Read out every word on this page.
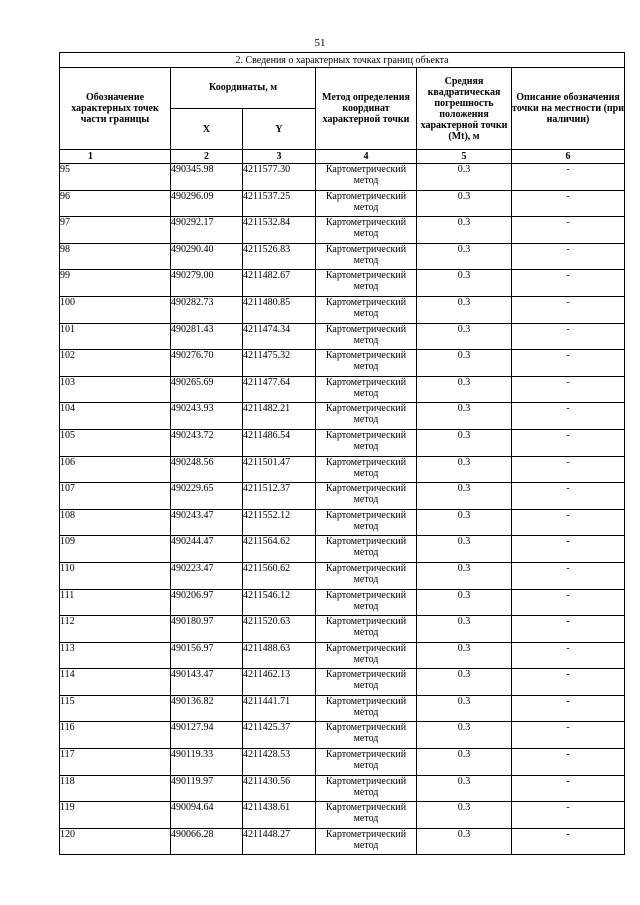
51
2. Сведения о характерных точках границ объекта					
Обозначение характерных точек части границы	Координаты, м		Метод определения координат характерной точки	Средняя квадратическая погрешность положения характерной точки (Mt), м	Описание обозначения точки на местности (при наличии)
	X	Y			
1	2	3	4	5	6
95	490345.98	4211577.30	Картометрический метод	0.3	-
96	490296.09	4211537.25	Картометрический метод	0.3	-
97	490292.17	4211532.84	Картометрический метод	0.3	-
98	490290.40	4211526.83	Картометрический метод	0.3	-
99	490279.00	4211482.67	Картометрический метод	0.3	-
100	490282.73	4211480.85	Картометрический метод	0.3	-
101	490281.43	4211474.34	Картометрический метод	0.3	-
102	490276.70	4211475.32	Картометрический метод	0.3	-
103	490265.69	4211477.64	Картометрический метод	0.3	-
104	490243.93	4211482.21	Картометрический метод	0.3	-
105	490243.72	4211486.54	Картометрический метод	0.3	-
106	490248.56	4211501.47	Картометрический метод	0.3	-
107	490229.65	4211512.37	Картометрический метод	0.3	-
108	490243.47	4211552.12	Картометрический метод	0.3	-
109	490244.47	4211564.62	Картометрический метод	0.3	-
110	490223.47	4211560.62	Картометрический метод	0.3	-
111	490206.97	4211546.12	Картометрический метод	0.3	-
112	490180.97	4211520.63	Картометрический метод	0.3	-
113	490156.97	4211488.63	Картометрический метод	0.3	-
114	490143.47	4211462.13	Картометрический метод	0.3	-
115	490136.82	4211441.71	Картометрический метод	0.3	-
116	490127.94	4211425.37	Картометрический метод	0.3	-
117	490119.33	4211428.53	Картометрический метод	0.3	-
118	490119.97	4211430.56	Картометрический метод	0.3	-
119	490094.64	4211438.61	Картометрический метод	0.3	-
120	490066.28	4211448.27	Картометрический метод	0.3	-
